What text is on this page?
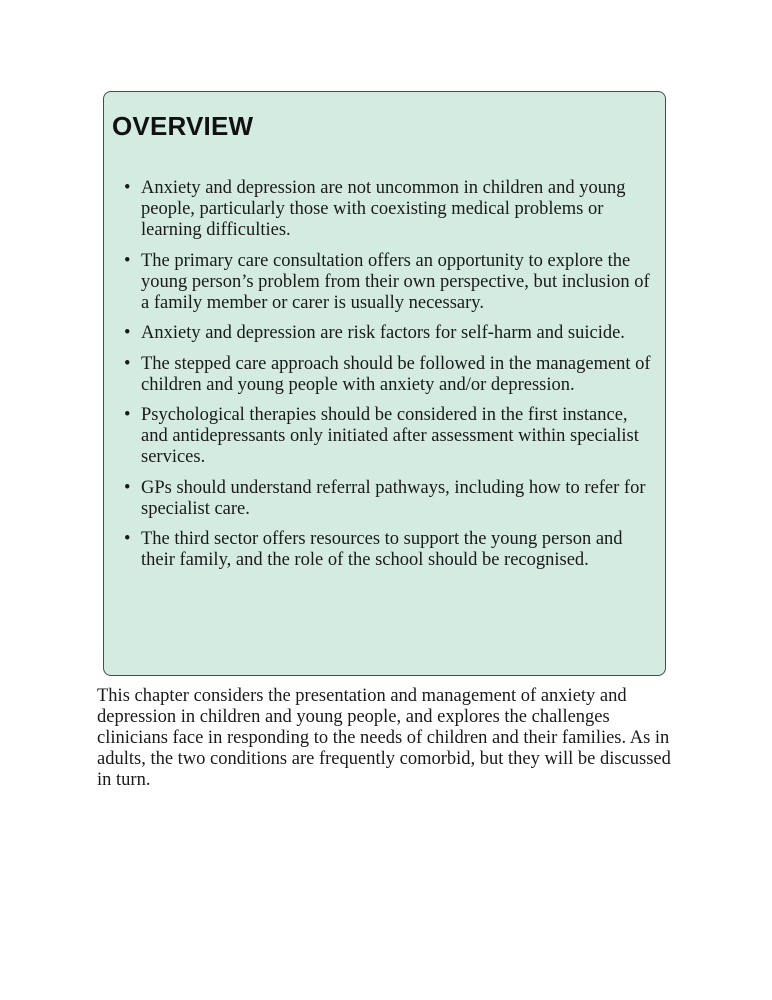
OVERVIEW
• Anxiety and depression are not uncommon in children and young people, particularly those with coexisting medical problems or learning difficulties.
• The primary care consultation offers an opportunity to explore the young person’s problem from their own perspective, but inclusion of a family member or carer is usually necessary.
• Anxiety and depression are risk factors for self-harm and suicide.
• The stepped care approach should be followed in the management of children and young people with anxiety and/or depression.
• Psychological therapies should be considered in the first instance, and antidepressants only initiated after assessment within specialist services.
• GPs should understand referral pathways, including how to refer for specialist care.
• The third sector offers resources to support the young person and their family, and the role of the school should be recognised.

This chapter considers the presentation and management of anxiety and depression in children and young people, and explores the challenges clinicians face in responding to the needs of children and their families. As in adults, the two conditions are frequently comorbid, but they will be discussed in turn.
